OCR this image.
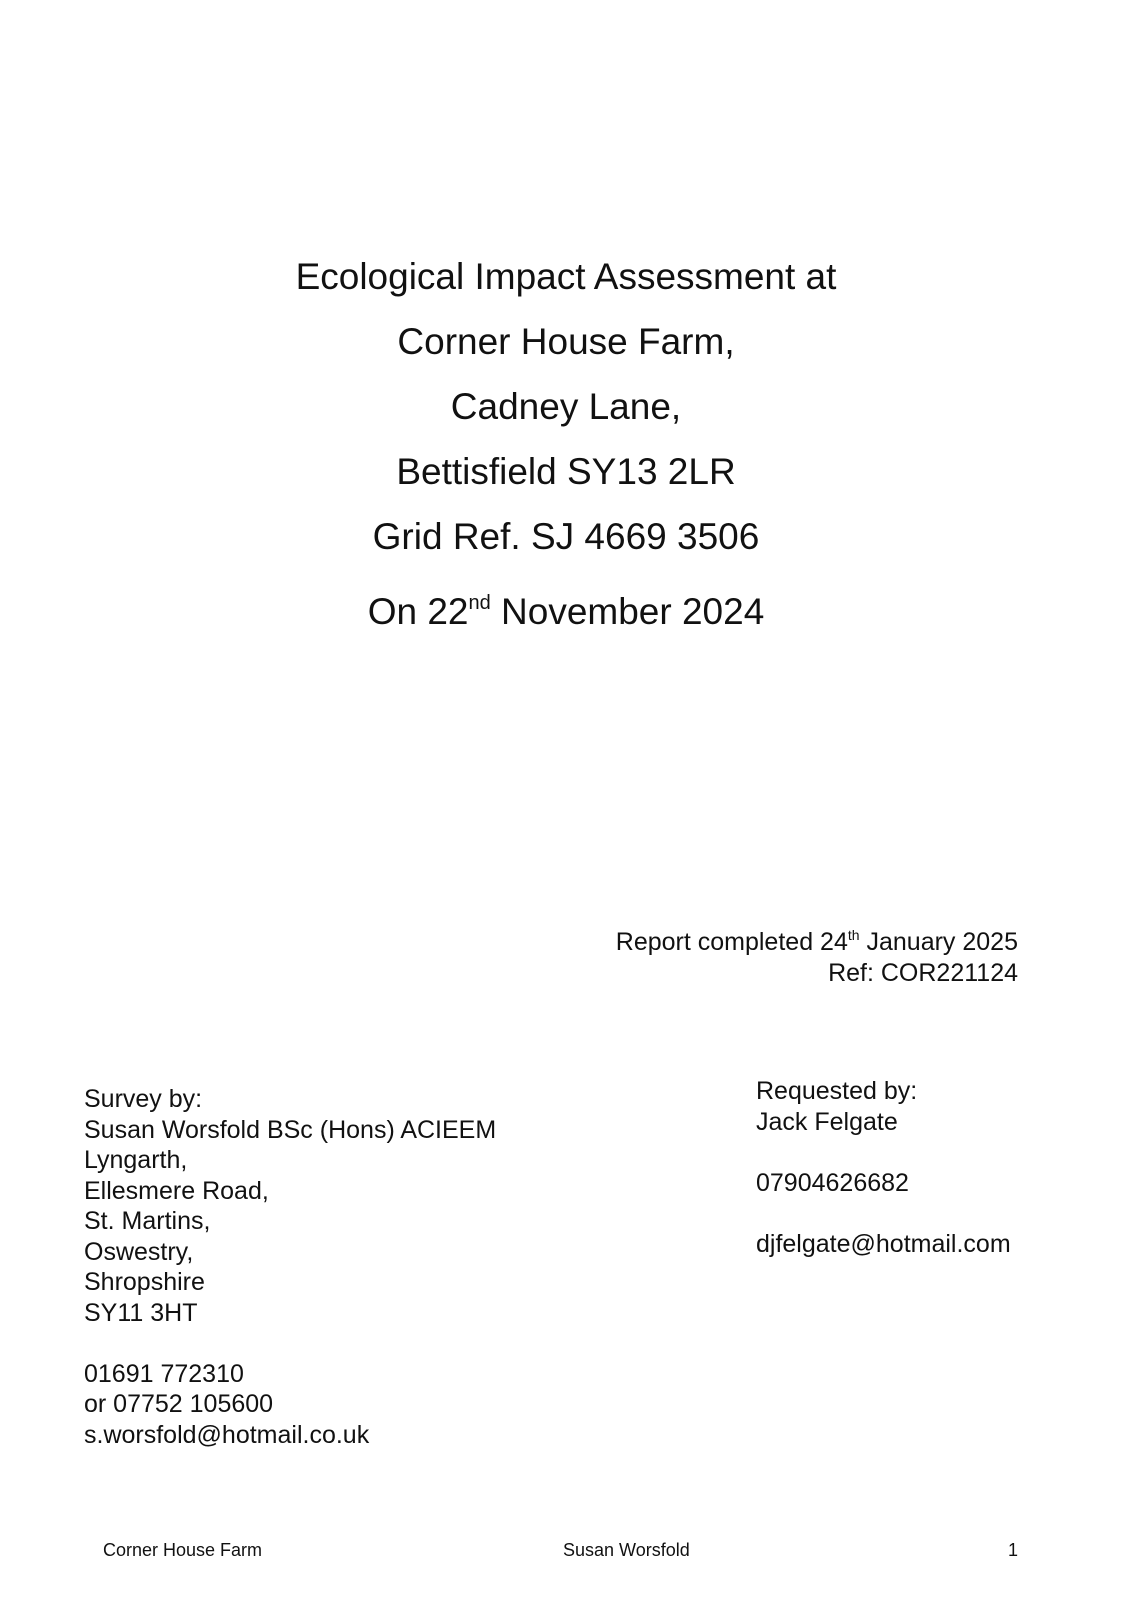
Ecological Impact Assessment at
Corner House Farm,
Cadney Lane,
Bettisfield SY13 2LR
Grid Ref. SJ 4669 3506
On 22nd November 2024
Report completed 24th January 2025
Ref: COR221124
Survey by:
Susan Worsfold BSc (Hons) ACIEEM
Lyngarth,
Ellesmere Road,
St. Martins,
Oswestry,
Shropshire
SY11 3HT
01691 772310
or 07752 105600
s.worsfold@hotmail.co.uk
Requested by:
Jack Felgate
07904626682
djfelgate@hotmail.com
Corner House Farm	Susan Worsfold	1
